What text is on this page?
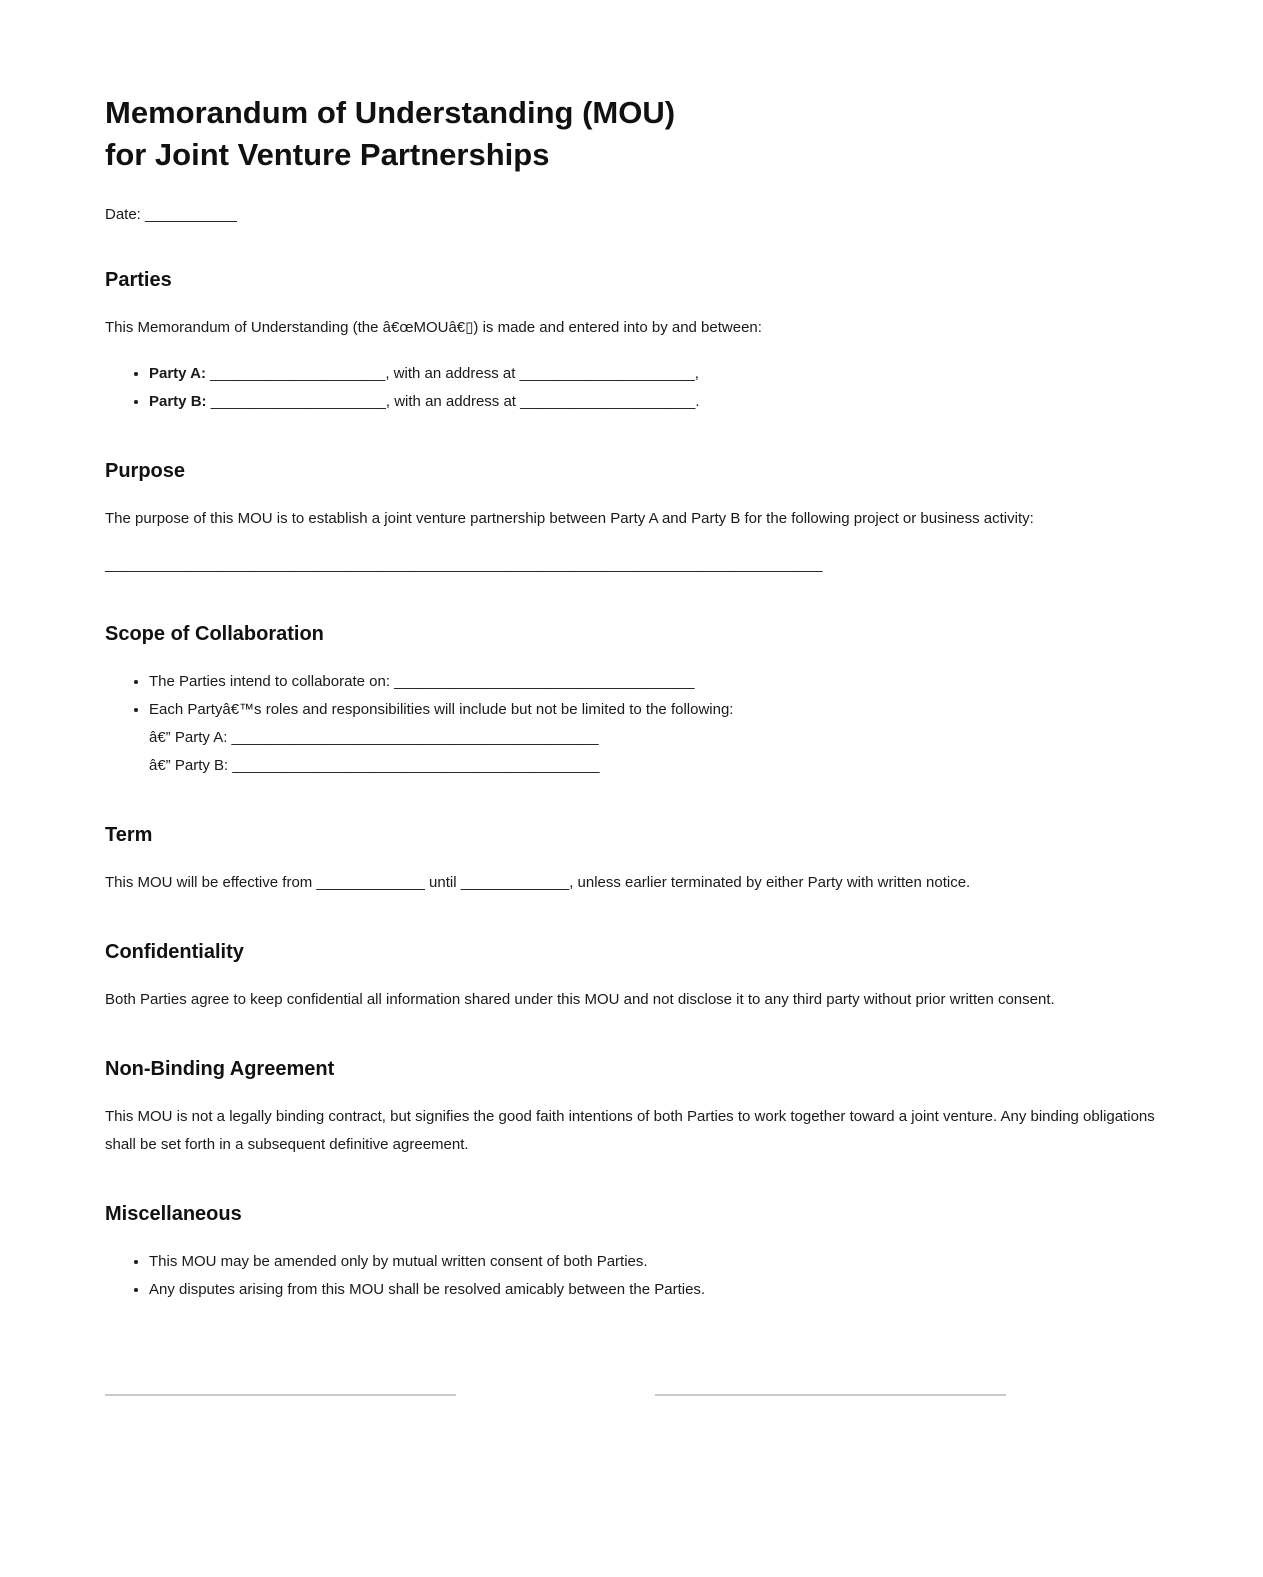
Memorandum of Understanding (MOU)
for Joint Venture Partnerships

Date: ___________

Parties

This Memorandum of Understanding (the â€œMOUâ€▯) is made and entered into by and between:

• Party A: _____________________, with an address at _____________________,
• Party B: _____________________, with an address at _____________________.
Purpose

The purpose of this MOU is to establish a joint venture partnership between Party A and Party B for the following project or business activity:

______________________________________________________________________________________

Scope of Collaboration
• The Parties intend to collaborate on: ____________________________________
• Each Partyâ€™s roles and responsibilities will include but not be limited to the following:
â€” Party A: ____________________________________________
â€” Party B: ____________________________________________
Term

This MOU will be effective from _____________ until _____________, unless earlier terminated by either Party with written notice.

Confidentiality

Both Parties agree to keep confidential all information shared under this MOU and not disclose it to any third party without prior written consent.

Non-Binding Agreement

This MOU is not a legally binding contract, but signifies the good faith intentions of both Parties to work together toward a joint venture. Any binding obligations shall be set forth in a subsequent definitive agreement.

Miscellaneous
• This MOU may be amended only by mutual written consent of both Parties.
• Any disputes arising from this MOU shall be resolved amicably between the Parties.
